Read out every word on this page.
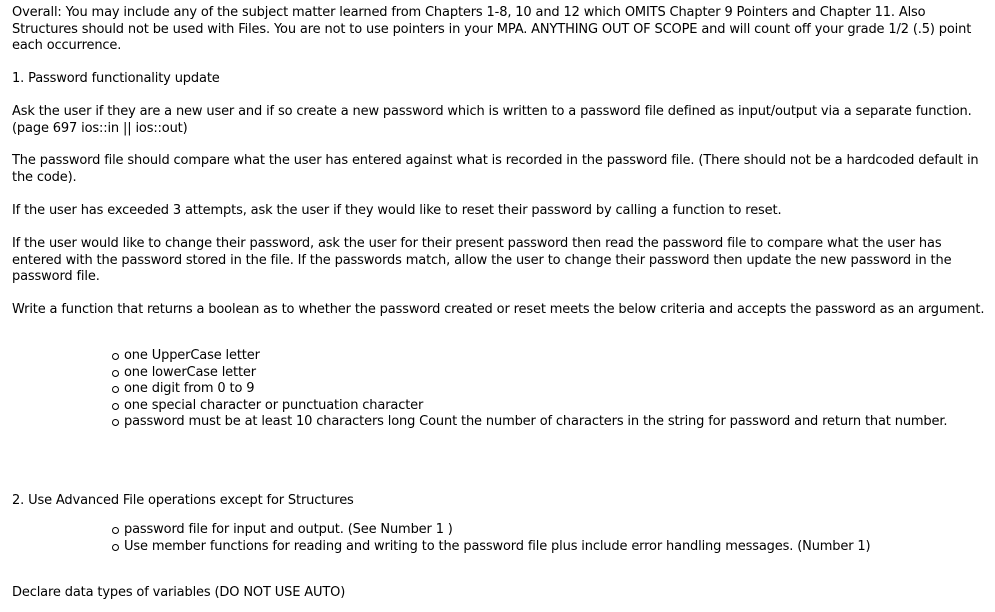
Overall: You may include any of the subject matter learned from Chapters 1-8, 10 and 12 which OMITS Chapter 9 Pointers and Chapter 11. Also Structures should not be used with Files. You are not to use pointers in your MPA. ANYTHING OUT OF SCOPE and will count off your grade 1/2 (.5) point each occurrence.

1. Password functionality update

Ask the user if they are a new user and if so create a new password which is written to a password file defined as input/output via a separate function. (page 697 ios::in || ios::out)

The password file should compare what the user has entered against what is recorded in the password file. (There should not be a hardcoded default in the code).

If the user has exceeded 3 attempts, ask the user if they would like to reset their password by calling a function to reset.

If the user would like to change their password, ask the user for their present password then read the password file to compare what the user has entered with the password stored in the file. If the passwords match, allow the user to change their password then update the new password in the password file.

Write a function that returns a boolean as to whether the password created or reset meets the below criteria and accepts the password as an argument.

one UpperCase letter
one lowerCase letter
one digit from 0 to 9
one special character or punctuation character
password must be at least 10 characters long Count the number of characters in the string for password and return that number.

2. Use Advanced File operations except for Structures

password file for input and output. (See Number 1 )
Use member functions for reading and writing to the password file plus include error handling messages. (Number 1)

Declare data types of variables (DO NOT USE AUTO)
